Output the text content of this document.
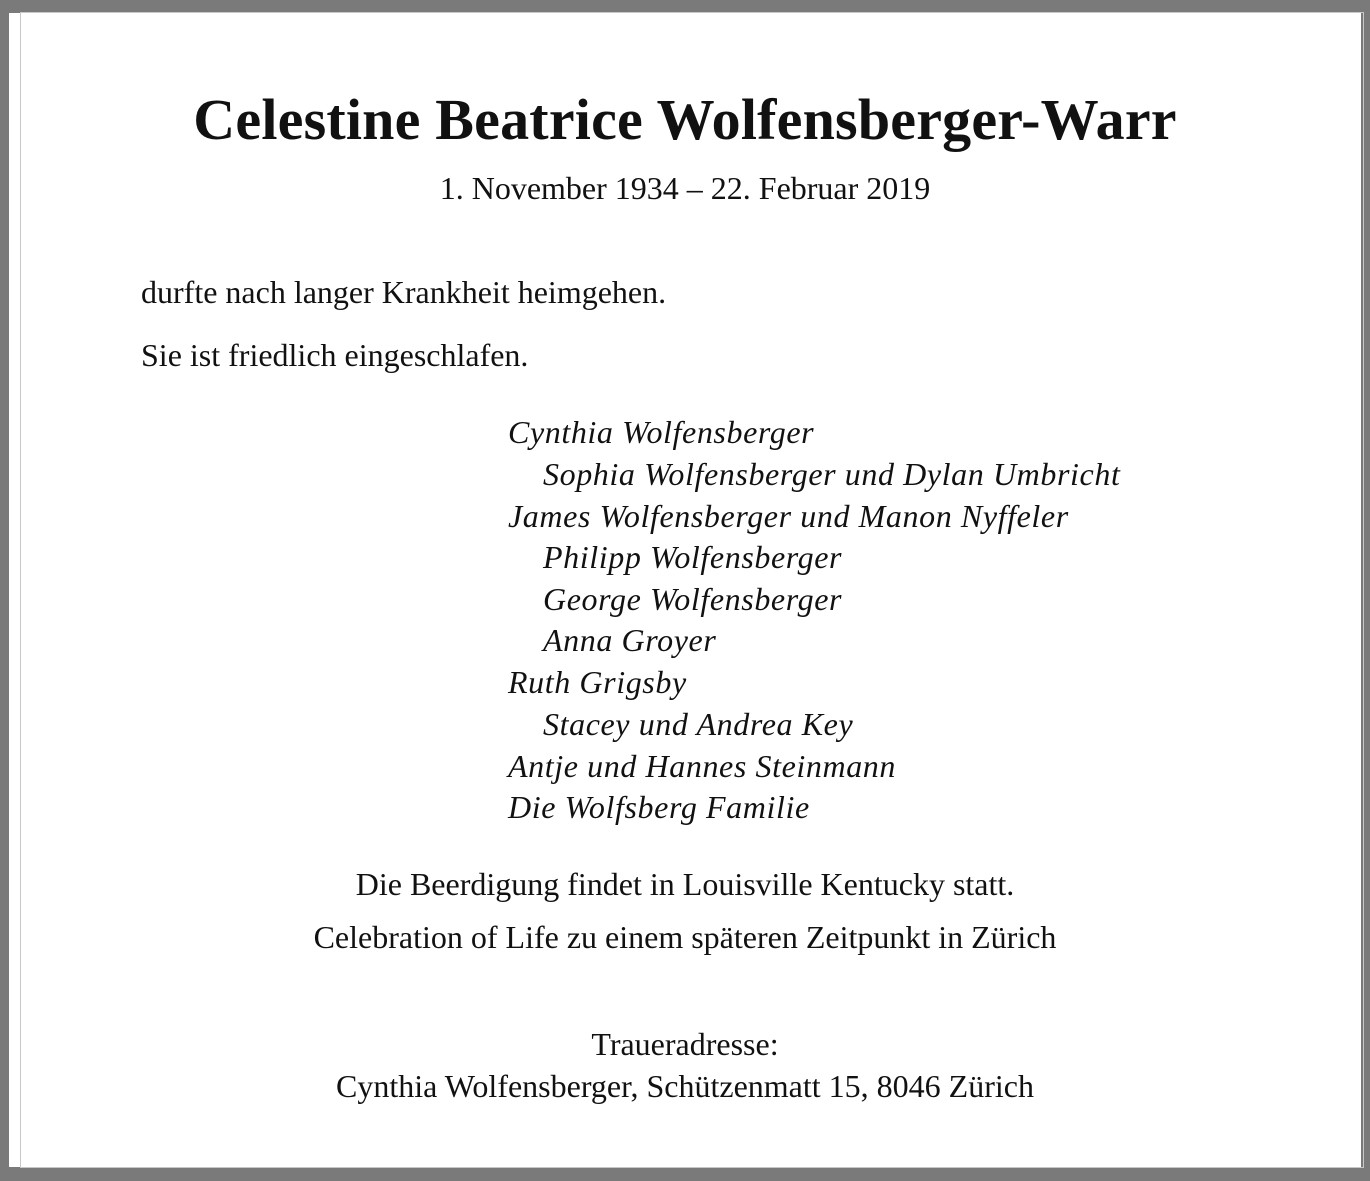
Celestine Beatrice Wolfensberger-Warr
1. November 1934 – 22. Februar 2019
durfte nach langer Krankheit heimgehen.
Sie ist friedlich eingeschlafen.
Cynthia Wolfensberger
Sophia Wolfensberger und Dylan Umbricht
James Wolfensberger und Manon Nyffeler
Philipp Wolfensberger
George Wolfensberger
Anna Groyer
Ruth Grigsby
Stacey und Andrea Key
Antje und Hannes Steinmann
Die Wolfsberg Familie
Die Beerdigung findet in Louisville Kentucky statt.
Celebration of Life zu einem späteren Zeitpunkt in Zürich
Traueradresse:
Cynthia Wolfensberger, Schützenmatt 15, 8046 Zürich
